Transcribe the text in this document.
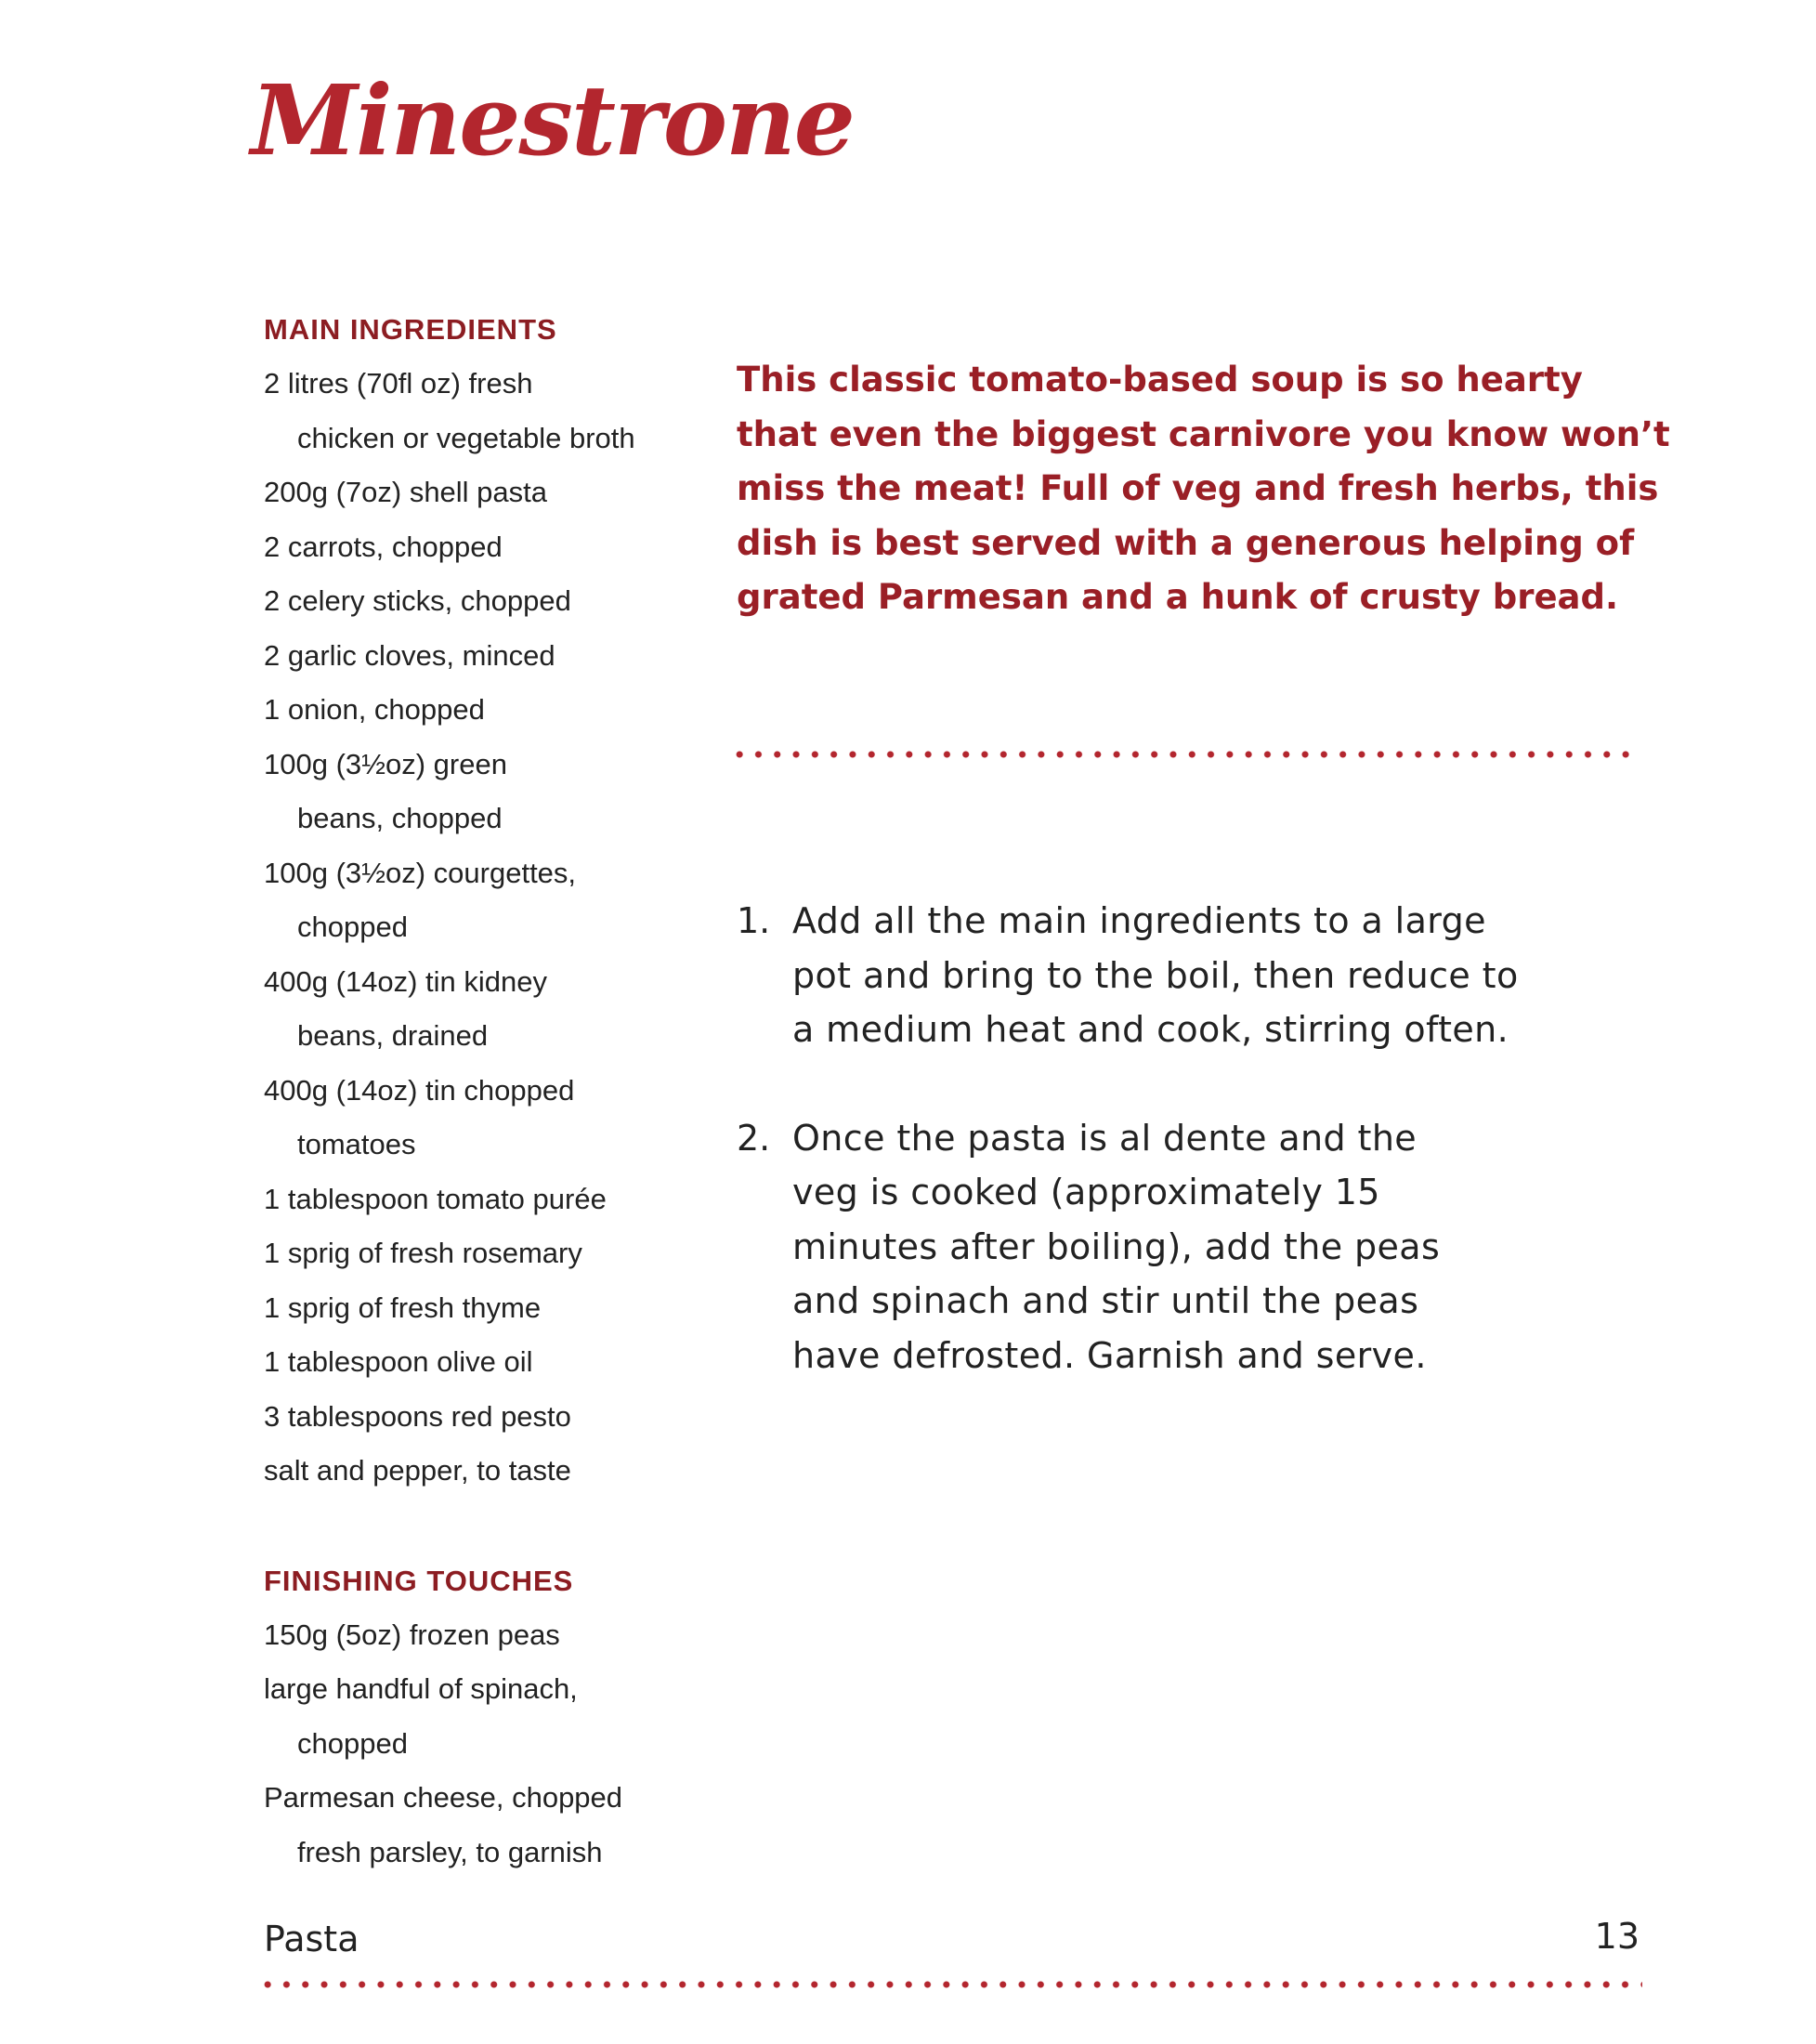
Minestrone
MAIN INGREDIENTS
2 litres (70fl oz) fresh
chicken or vegetable broth
200g (7oz) shell pasta
2 carrots, chopped
2 celery sticks, chopped
2 garlic cloves, minced
1 onion, chopped
100g (3½oz) green
beans, chopped
100g (3½oz) courgettes,
chopped
400g (14oz) tin kidney
beans, drained
400g (14oz) tin chopped
tomatoes
1 tablespoon tomato purée
1 sprig of fresh rosemary
1 sprig of fresh thyme
1 tablespoon olive oil
3 tablespoons red pesto
salt and pepper, to taste
FINISHING TOUCHES
150g (5oz) frozen peas
large handful of spinach,
chopped
Parmesan cheese, chopped
fresh parsley, to garnish
This classic tomato-based soup is so hearty
that even the biggest carnivore you know won’t
miss the meat! Full of veg and fresh herbs, this
dish is best served with a generous helping of
grated Parmesan and a hunk of crusty bread.
1. Add all the main ingredients to a large
pot and bring to the boil, then reduce to
a medium heat and cook, stirring often.
2. Once the pasta is al dente and the
veg is cooked (approximately 15
minutes after boiling), add the peas
and spinach and stir until the peas
have defrosted. Garnish and serve.
Pasta	13
